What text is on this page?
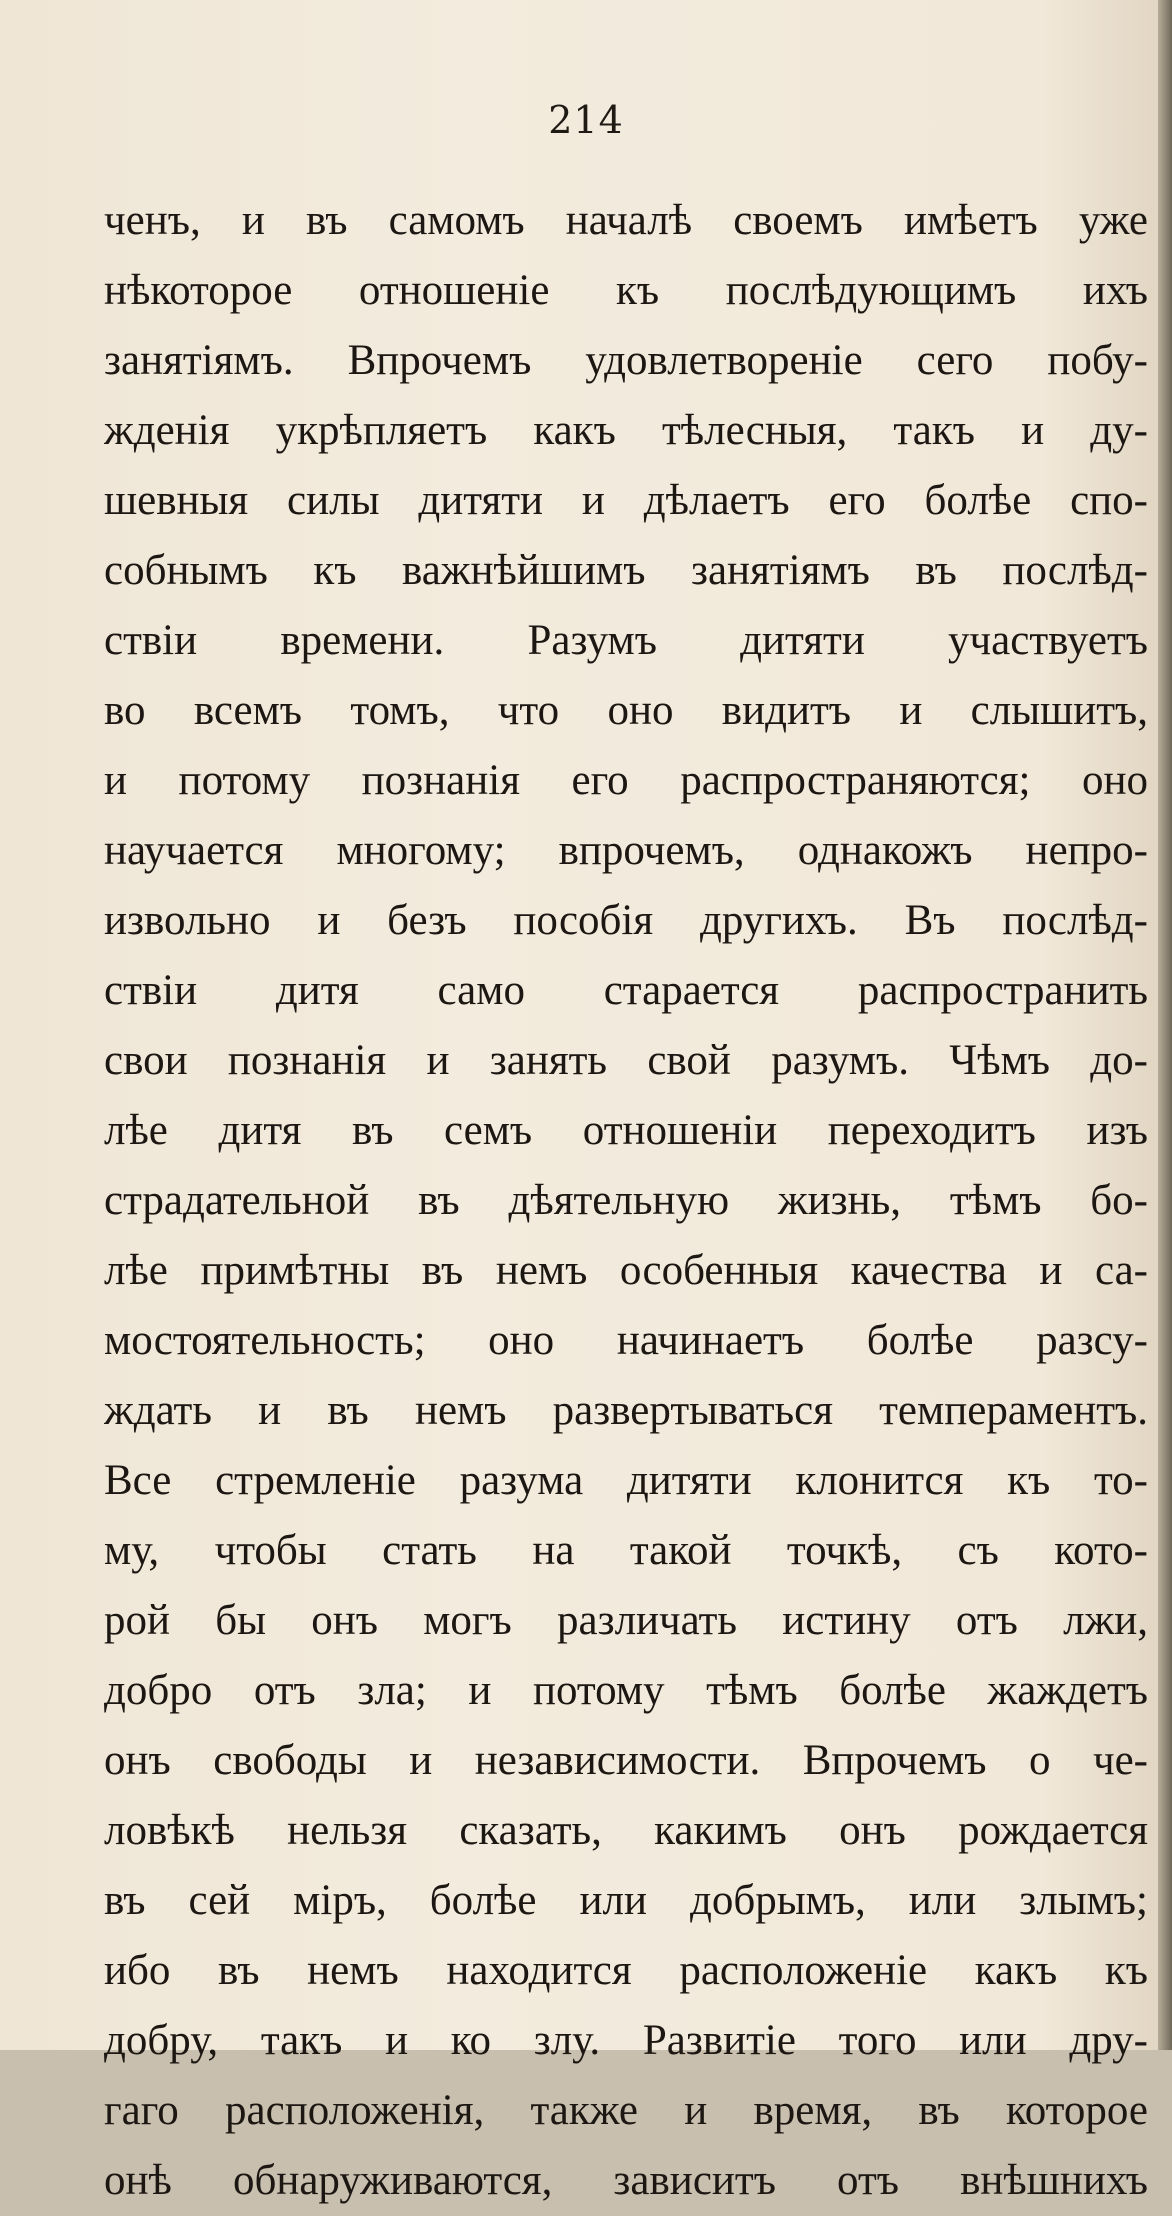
214
ченъ, и въ самомъ началѣ своемъ имѣетъ уже
нѣкоторое отношеніе къ послѣдующимъ ихъ
занятіямъ. Впрочемъ удовлетвореніе сего побу-
жденія укрѣпляетъ какъ тѣлесныя, такъ и ду-
шевныя силы дитяти и дѣлаетъ его болѣе спо-
собнымъ къ важнѣйшимъ занятіямъ въ послѣд-
ствіи времени. Разумъ дитяти участвуетъ
во всемъ томъ, что оно видитъ и слышитъ,
и потому познанія его распространяются; оно
научается многому; впрочемъ, однакожъ непро-
извольно и безъ пособія другихъ. Въ послѣд-
ствіи дитя само старается распространить
свои познанія и занять свой разумъ. Чѣмъ до-
лѣе дитя въ семъ отношеніи переходитъ изъ
страдательной въ дѣятельную жизнь, тѣмъ бо-
лѣе примѣтны въ немъ особенныя качества и са-
мостоятельность; оно начинаетъ болѣе разсу-
ждать и въ немъ развертываться темпераментъ.
Все стремленіе разума дитяти клонится къ то-
му, чтобы стать на такой точкѣ, съ кото-
рой бы онъ могъ различать истину отъ лжи,
добро отъ зла; и потому тѣмъ болѣе жаждетъ
онъ свободы и независимости. Впрочемъ о че-
ловѣкѣ нельзя сказать, какимъ онъ рождается
въ сей міръ, болѣе или добрымъ, или злымъ;
ибо въ немъ находится расположеніе какъ къ
добру, такъ и ко злу. Развитіе того или дру-
гаго расположенія, также и время, въ которое
онѣ обнаруживаются, зависитъ отъ внѣшнихъ
